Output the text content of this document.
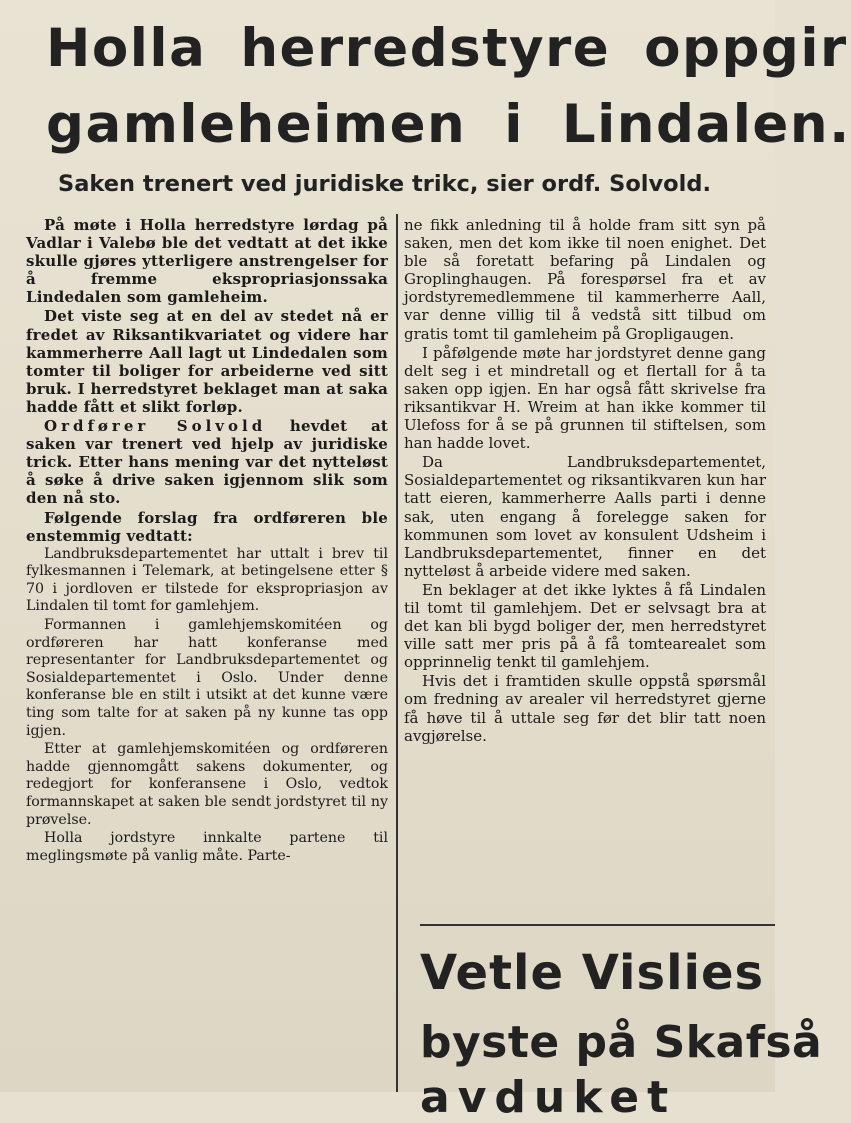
Holla herredstyre oppgir
gamleheimen i Lindalen.
Saken trenert ved juridiske trikc, sier ordf. Solvold.

På møte i Holla herredstyre lørdag på Vadlar i Valebø ble det vedtatt at det ikke skulle gjøres ytterligere anstrengelser for å fremme ekspropriasjonssaka Lindedalen som gamleheim.

Det viste seg at en del av stedet nå er fredet av Riksantikvariatet og videre har kammerherre Aall lagt ut Lindedalen som tomter til boliger for arbeiderne ved sitt bruk. I herredstyret beklaget man at saka hadde fått et slikt forløp.

Ordfører Solvold hevdet at saken var trenert ved hjelp av juridiske trick. Etter hans mening var det nytteløst å søke å drive saken igjennom slik som den nå sto.

Følgende forslag fra ordføreren ble enstemmig vedtatt:

Landbruksdepartementet har uttalt i brev til fylkesmannen i Telemark, at betingelsene etter § 70 i jordloven er tilstede for ekspropriasjon av Lindalen til tomt for gamlehjem.

Formannen i gamlehjemskomitéen og ordføreren har hatt konferanse med representanter for Landbruksdepartementet og Sosialdepartementet i Oslo. Under denne konferanse ble en stilt i utsikt at det kunne være ting som talte for at saken på ny kunne tas opp igjen.

Etter at gamlehjemskomitéen og ordføreren hadde gjennomgått sakens dokumenter, og redegjort for konferansene i Oslo, vedtok formannskapet at saken ble sendt jordstyret til ny prøvelse.

Holla jordstyre innkalte partene til meglingsmøte på vanlig måte. Parte-

ne fikk anledning til å holde fram sitt syn på saken, men det kom ikke til noen enighet. Det ble så foretatt befaring på Lindalen og Groplinghaugen. På forespørsel fra et av jordstyremedlemmene til kammerherre Aall, var denne villig til å vedstå sitt tilbud om gratis tomt til gamleheim på Gropligaugen.

I påfølgende møte har jordstyret denne gang delt seg i et mindretall og et flertall for å ta saken opp igjen. En har også fått skrivelse fra riksantikvar H. Wreim at han ikke kommer til Ulefoss for å se på grunnen til stiftelsen, som han hadde lovet.

Da Landbruksdepartementet, Sosialdepartementet og riksantikvaren kun har tatt eieren, kammerherre Aalls parti i denne sak, uten engang å forelegge saken for kommunen som lovet av konsulent Udsheim i Landbruksdepartementet, finner en det nytteløst å arbeide videre med saken.

En beklager at det ikke lyktes å få Lindalen til tomt til gamlehjem. Det er selvsagt bra at det kan bli bygd boliger der, men herredstyret ville satt mer pris på å få tomtearealet som opprinnelig tenkt til gamlehjem.

Hvis det i framtiden skulle oppstå spørsmål om fredning av arealer vil herredstyret gjerne få høve til å uttale seg før det blir tatt noen avgjørelse.

Vetle Vislies
byste på Skafså
avduket
